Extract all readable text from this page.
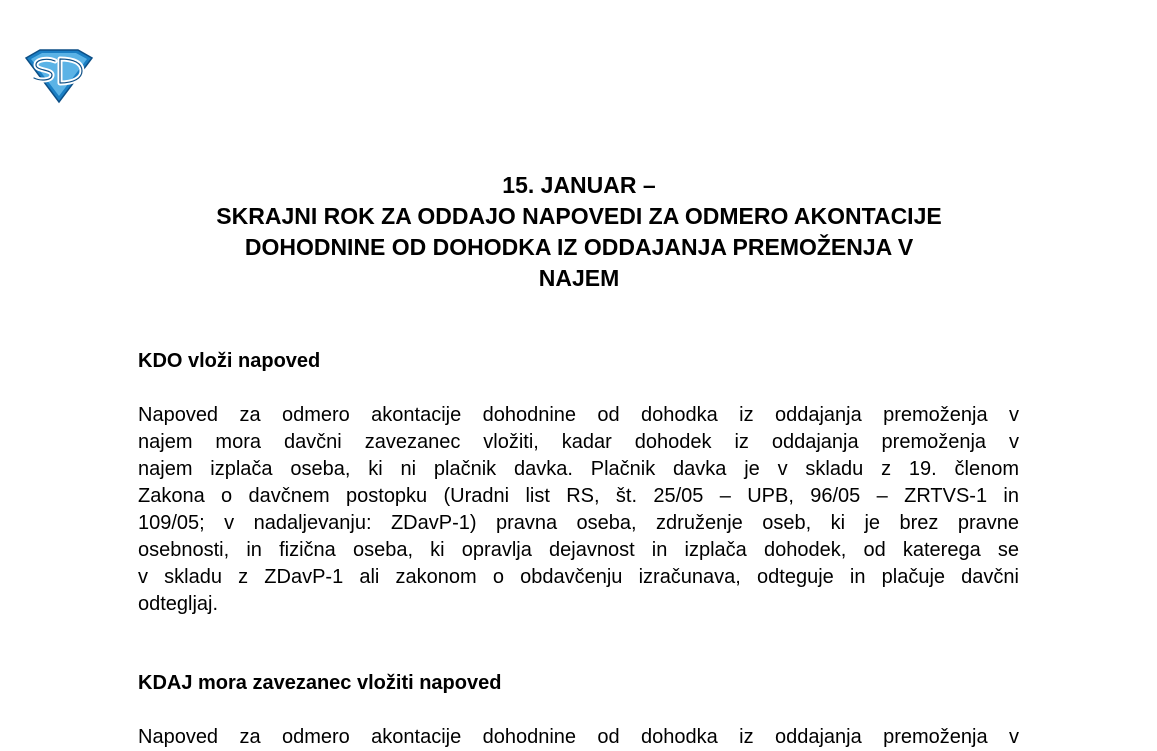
15. JANUAR –
SKRAJNI ROK ZA ODDAJO NAPOVEDI ZA ODMERO AKONTACIJE
DOHODNINE OD DOHODKA IZ ODDAJANJA PREMOŽENJA V
NAJEM
KDO vloži napoved
Napoved za odmero akontacije dohodnine od dohodka iz oddajanja premoženja v
najem mora davčni zavezanec vložiti, kadar dohodek iz oddajanja premoženja v
najem izplača oseba, ki ni plačnik davka. Plačnik davka je v skladu z 19. členom
Zakona o davčnem postopku (Uradni list RS, št. 25/05 – UPB, 96/05 – ZRTVS-1 in
109/05; v nadaljevanju: ZDavP-1) pravna oseba, združenje oseb, ki je brez pravne
osebnosti, in fizična oseba, ki opravlja dejavnost in izplača dohodek, od katerega se
v skladu z ZDavP-1 ali zakonom o obdavčenju izračunava, odteguje in plačuje davčni
odtegljaj.
KDAJ mora zavezanec vložiti napoved
Napoved za odmero akontacije dohodnine od dohodka iz oddajanja premoženja v
